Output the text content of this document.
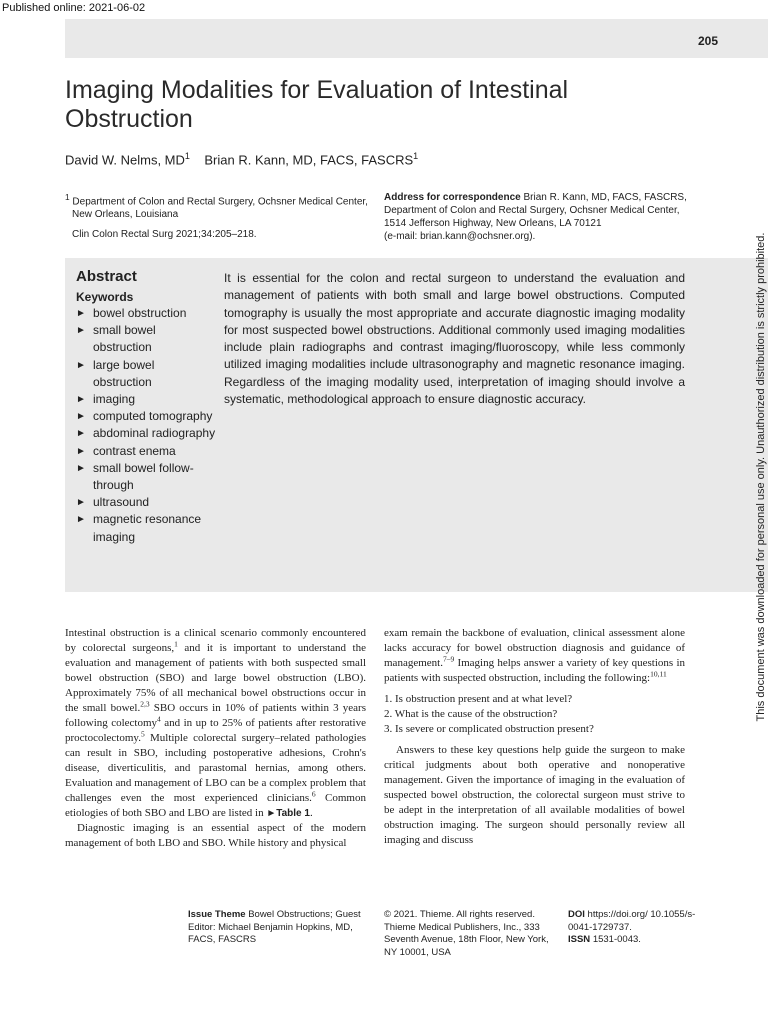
Published online: 2021-06-02
205
Imaging Modalities for Evaluation of Intestinal Obstruction
David W. Nelms, $MD^1$ Brian R. Kann, MD, FACS, FASCRS$^1$
$^1$ Department of Colon and Rectal Surgery, Ochsner Medical Center,
New Orleans, Louisiana
Clin Colon Rectal Surg 2021;34:205–218.
Address for correspondence Brian R. Kann, MD, FACS, FASCRS,
Department of Colon and Rectal Surgery, Ochsner Medical Center,
1514 Jefferson Highway, New Orleans, LA 70121
(e-mail: brian.kann@ochsner.org).
Abstract
Keywords
► bowel obstruction
► small bowel obstruction
► large bowel obstruction
► imaging
► computed tomography
► abdominal radiography
► contrast enema
► small bowel follow-through
► ultrasound
► magnetic resonance imaging

It is essential for the colon and rectal surgeon to understand the evaluation and management of patients with both small and large bowel obstructions. Computed tomography is usually the most appropriate and accurate diagnostic imaging modality for most suspected bowel obstructions. Additional commonly used imaging modalities include plain radiographs and contrast imaging/fluoroscopy, while less commonly utilized imaging modalities include ultrasonography and magnetic resonance imaging. Regardless of the imaging modality used, interpretation of imaging should involve a systematic, methodological approach to ensure diagnostic accuracy.

Intestinal obstruction is a clinical scenario commonly encountered by colorectal surgeons,$^1$ and it is important to understand the evaluation and management of patients with both suspected small bowel obstruction (SBO) and large bowel obstruction (LBO). Approximately 75% of all mechanical bowel obstructions occur in the small bowel.$^{2,3}$ SBO occurs in 10% of patients within 3 years following colectomy$^4$ and in up to 25% of patients after restorative proctocolectomy.$^5$ Multiple colorectal surgery–related pathologies can result in SBO, including postoperative adhesions, Crohn's disease, diverticulitis, and parastomal hernias, among others. Evaluation and management of LBO can be a complex problem that challenges even the most experienced clinicians.$^6$ Common etiologies of both SBO and LBO are listed in ►Table 1.

Diagnostic imaging is an essential aspect of the modern management of both LBO and SBO. While history and physical

exam remain the backbone of evaluation, clinical assessment alone lacks accuracy for bowel obstruction diagnosis and guidance of management.$^{7-9}$ Imaging helps answer a variety of key questions in patients with suspected obstruction, including the following:$^{10,11}$

1. Is obstruction present and at what level?
2. What is the cause of the obstruction?
3. Is severe or complicated obstruction present?

Answers to these key questions help guide the surgeon to make critical judgments about both operative and nonoperative management. Given the importance of imaging in the evaluation of suspected bowel obstruction, the colorectal surgeon must strive to be adept in the interpretation of all available modalities of bowel obstruction imaging. The surgeon should personally review all imaging and discuss

Issue Theme Bowel Obstructions; Guest Editor: Michael Benjamin Hopkins, MD, FACS, FASCRS
© 2021. Thieme. All rights reserved. Thieme Medical Publishers, Inc., 333 Seventh Avenue, 18th Floor, New York, NY 10001, USA
DOI https://doi.org/ 10.1055/s-0041-1729737.
ISSN 1531-0043.
This document was downloaded for personal use only. Unauthorized distribution is strictly prohibited.
